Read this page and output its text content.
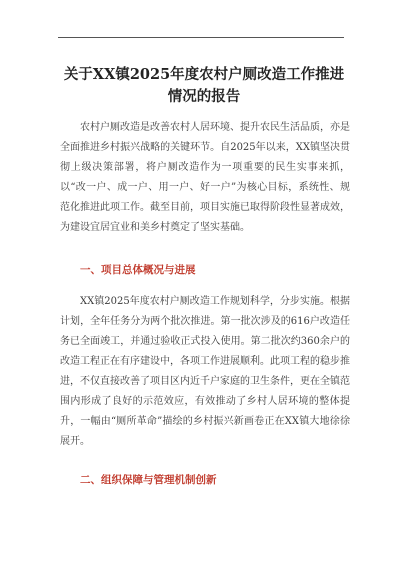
关于XX镇2025年度农村户厕改造工作推进情况的报告

农村户厕改造是改善农村人居环境、提升农民生活品质，亦是全面推进乡村振兴战略的关键环节。自2025年以来，XX镇坚决贯彻上级决策部署，将户厕改造作为一项重要的民生实事来抓，以“改一户、成一户、用一户、好一户”为核心目标，系统性、规范化推进此项工作。截至目前，项目实施已取得阶段性显著成效，为建设宜居宜业和美乡村奠定了坚实基础。

一、项目总体概况与进展

XX镇2025年度农村户厕改造工作规划科学，分步实施。根据计划，全年任务分为两个批次推进。第一批次涉及的616户改造任务已全面竣工，并通过验收正式投入使用。第二批次约360余户的改造工程正在有序建设中，各项工作进展顺利。此项工程的稳步推进，不仅直接改善了项目区内近千户家庭的卫生条件，更在全镇范围内形成了良好的示范效应，有效推动了乡村人居环境的整体提升，一幅由“厕所革命”描绘的乡村振兴新画卷正在XX镇大地徐徐展开。

二、组织保障与管理机制创新
